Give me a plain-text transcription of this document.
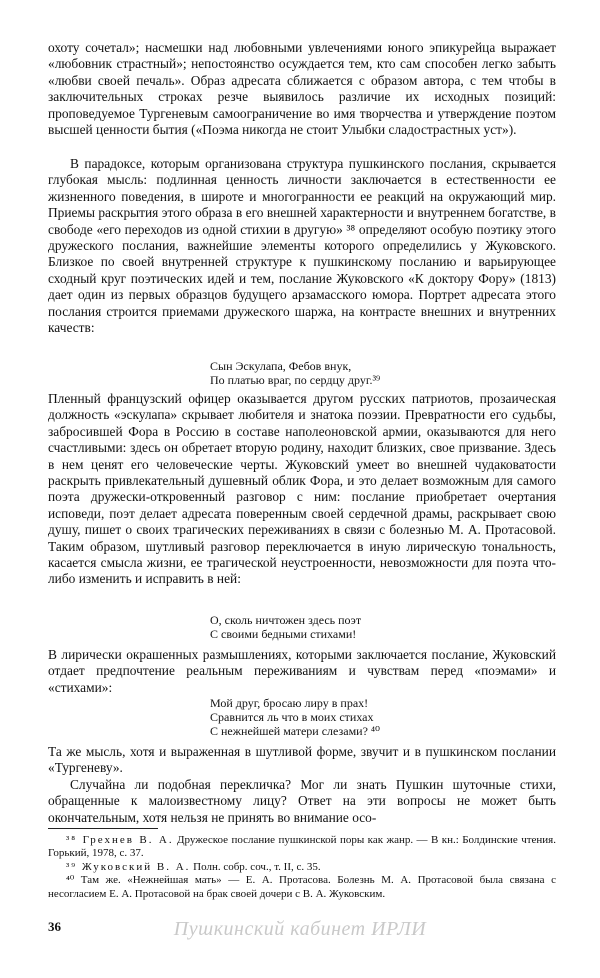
охоту сочетал»; насмешки над любовными увлечениями юного эпикурейца выражает «любовник страстный»; непостоянство осуждается тем, кто сам способен легко забыть «любви своей печаль». Образ адресата сближается с образом автора, с тем чтобы в заключительных строках резче выявилось различие их исходных позиций: проповедуемое Тургеневым самоограничение во имя творчества и утверждение поэтом высшей ценности бытия («Поэма никогда не стоит Улыбки сладострастных уст»).

В парадоксе, которым организована структура пушкинского послания, скрывается глубокая мысль: подлинная ценность личности заключается в естественности ее жизненного поведения, в широте и многогранности ее реакций на окружающий мир. Приемы раскрытия этого образа в его внешней характерности и внутреннем богатстве, в свободе «его переходов из одной стихии в другую» ³⁸ определяют особую поэтику этого дружеского послания, важнейшие элементы которого определились у Жуковского. Близкое по своей внутренней структуре к пушкинскому посланию и варьирующее сходный круг поэтических идей и тем, послание Жуковского «К доктору Фору» (1813) дает один из первых образцов будущего арзамасского юмора. Портрет адресата этого послания строится приемами дружеского шаржа, на контрасте внешних и внутренних качеств:

Сын Эскулапа, Фебов внук,
По платью враг, по сердцу друг.³⁹

Пленный французский офицер оказывается другом русских патриотов, прозаическая должность «эскулапа» скрывает любителя и знатока поэзии. Превратности его судьбы, забросившей Фора в Россию в составе наполеоновской армии, оказываются для него счастливыми: здесь он обретает вторую родину, находит близких, свое призвание. Здесь в нем ценят его человеческие черты. Жуковский умеет во внешней чудаковатости раскрыть привлекательный душевный облик Фора, и это делает возможным для самого поэта дружески-откровенный разговор с ним: послание приобретает очертания исповеди, поэт делает адресата поверенным своей сердечной драмы, раскрывает свою душу, пишет о своих трагических переживаниях в связи с болезнью М. А. Протасовой. Таким образом, шутливый разговор переключается в иную лирическую тональность, касается смысла жизни, ее трагической неустроенности, невозможности для поэта что-либо изменить и исправить в ней:

О, сколь ничтожен здесь поэт
С своими бедными стихами!

В лирически окрашенных размышлениях, которыми заключается послание, Жуковский отдает предпочтение реальным переживаниям и чувствам перед «поэмами» и «стихами»:

Мой друг, бросаю лиру в прах!
Сравнится ль что в моих стихах
С нежнейшей матери слезами? ⁴⁰

Та же мысль, хотя и выраженная в шутливой форме, звучит и в пушкинском послании «Тургеневу».

Случайна ли подобная перекличка? Мог ли знать Пушкин шуточные стихи, обращенные к малоизвестному лицу? Ответ на эти вопросы не может быть окончательным, хотя нельзя не принять во внимание осо-

³⁸ Грехнев В. А. Дружеское послание пушкинской поры как жанр. — В кн.: Болдинские чтения. Горький, 1978, с. 37.

³⁹ Жуковский В. А. Полн. собр. соч., т. II, с. 35.

⁴⁰ Там же. «Нежнейшая мать» — Е. А. Протасова. Болезнь М. А. Протасовой была связана с несогласием Е. А. Протасовой на брак своей дочери с В. А. Жуковским.

36	Пушкинский кабинет ИРЛИ
